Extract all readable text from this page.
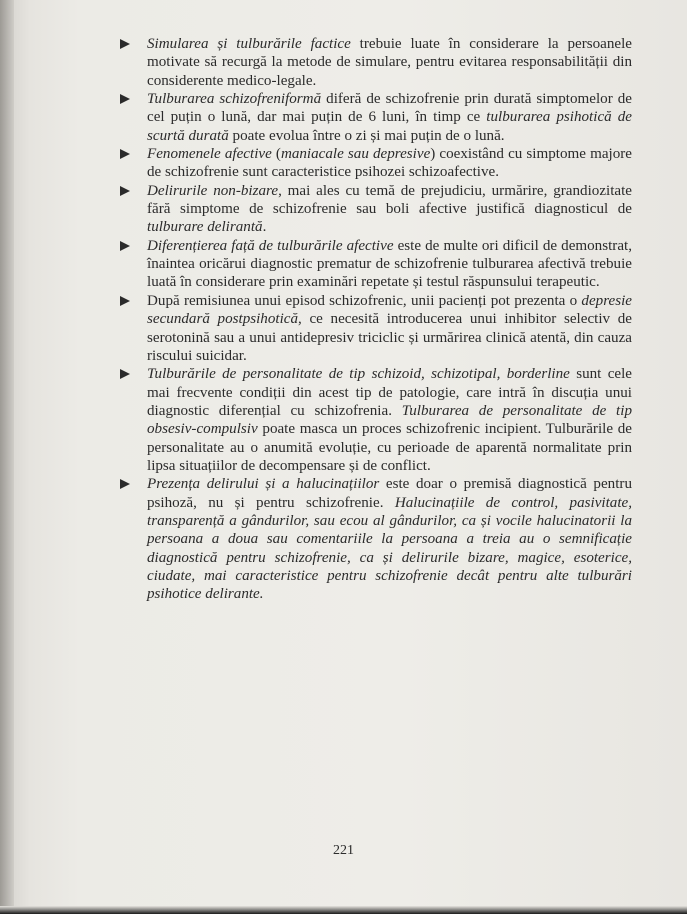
Simularea și tulburările factice trebuie luate în considerare la persoanele motivate să recurgă la metode de simulare, pentru evitarea responsabilității din considerente medico-legale.

Tulburarea schizofreniformă diferă de schizofrenie prin durată simptomelor de cel puțin o lună, dar mai puțin de 6 luni, în timp ce tulburarea psihotică de scurtă durată poate evolua între o zi și mai puțin de o lună.

Fenomenele afective (maniacale sau depresive) coexistând cu simptome majore de schizofrenie sunt caracteristice psihozei schizoafective.

Delirurile non-bizare, mai ales cu temă de prejudiciu, urmărire, grandiozitate fără simptome de schizofrenie sau boli afective justifică diagnosticul de tulburare delirantă.

Diferențierea față de tulburările afective este de multe ori dificil de demonstrat, înaintea oricărui diagnostic prematur de schizofrenie tulburarea afectivă trebuie luată în considerare prin examinări repetate și testul răspunsului terapeutic.

După remisiunea unui episod schizofrenic, unii pacienți pot prezenta o depresie secundară postpsihotică, ce necesită introducerea unui inhibitor selectiv de serotonină sau a unui antidepresiv triciclic și urmărirea clinică atentă, din cauza riscului suicidar.

Tulburările de personalitate de tip schizoid, schizotipal, borderline sunt cele mai frecvente condiții din acest tip de patologie, care intră în discuția unui diagnostic diferențial cu schizofrenia. Tulburarea de personalitate de tip obsesiv-compulsiv poate masca un proces schizofrenic incipient. Tulburările de personalitate au o anumită evoluție, cu perioade de aparentă normalitate prin lipsa situațiilor de decompensare și de conflict.

Prezența delirului și a halucinațiilor este doar o premisă diagnostică pentru psihoză, nu și pentru schizofrenie. Halucinațiile de control, pasivitate, transparență a gândurilor, sau ecou al gândurilor, ca și vocile halucinatorii la persoana a doua sau comentariile la persoana a treia au o semnificație diagnostică pentru schizofrenie, ca și delirurile bizare, magice, esoterice, ciudate, mai caracteristice pentru schizofrenie decât pentru alte tulburări psihotice delirante.

221
